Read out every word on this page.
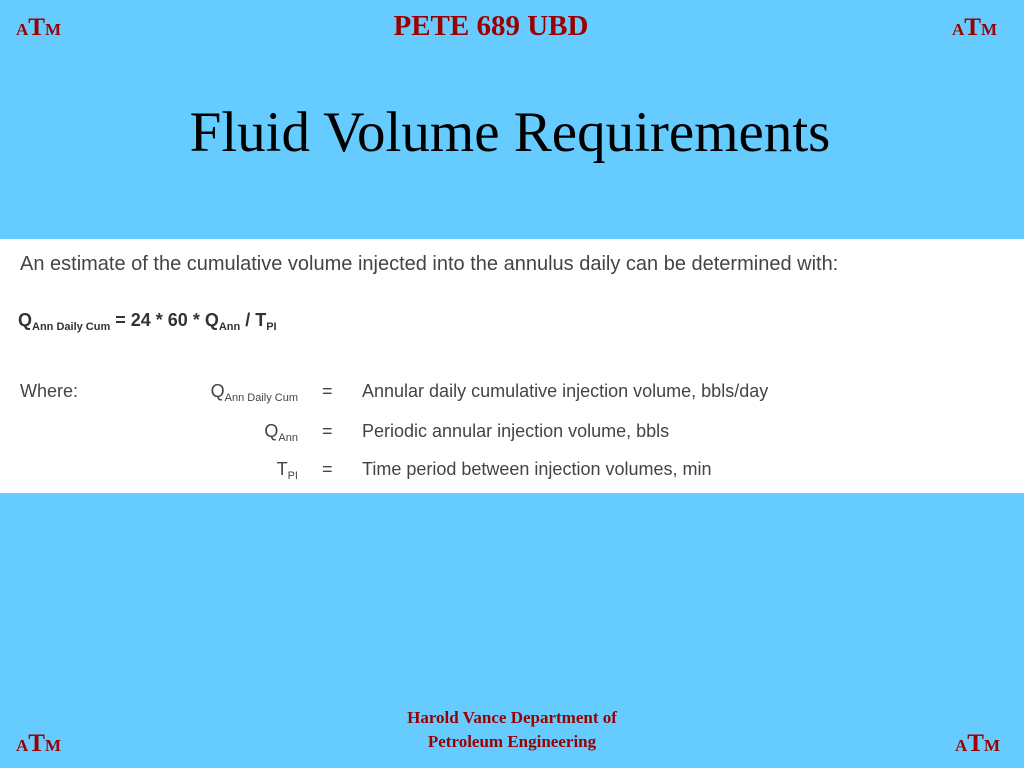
ATM	ATM
ATM	ATM
PETE 689 UBD
Fluid Volume Requirements
An estimate of the cumulative volume injected into the annulus daily can be determined with:
$Q_{Ann Daily Cum} = 24 * 60 * Q_{Ann} / T_{PI}$
Where:	$Q_{Ann Daily Cum}$ = Annular daily cumulative injection volume, bbls/day
$Q_{Ann}$ = Periodic annular injection volume, bbls
$T_{PI}$ = Time period between injection volumes, min
Harold Vance Department of
Petroleum Engineering
